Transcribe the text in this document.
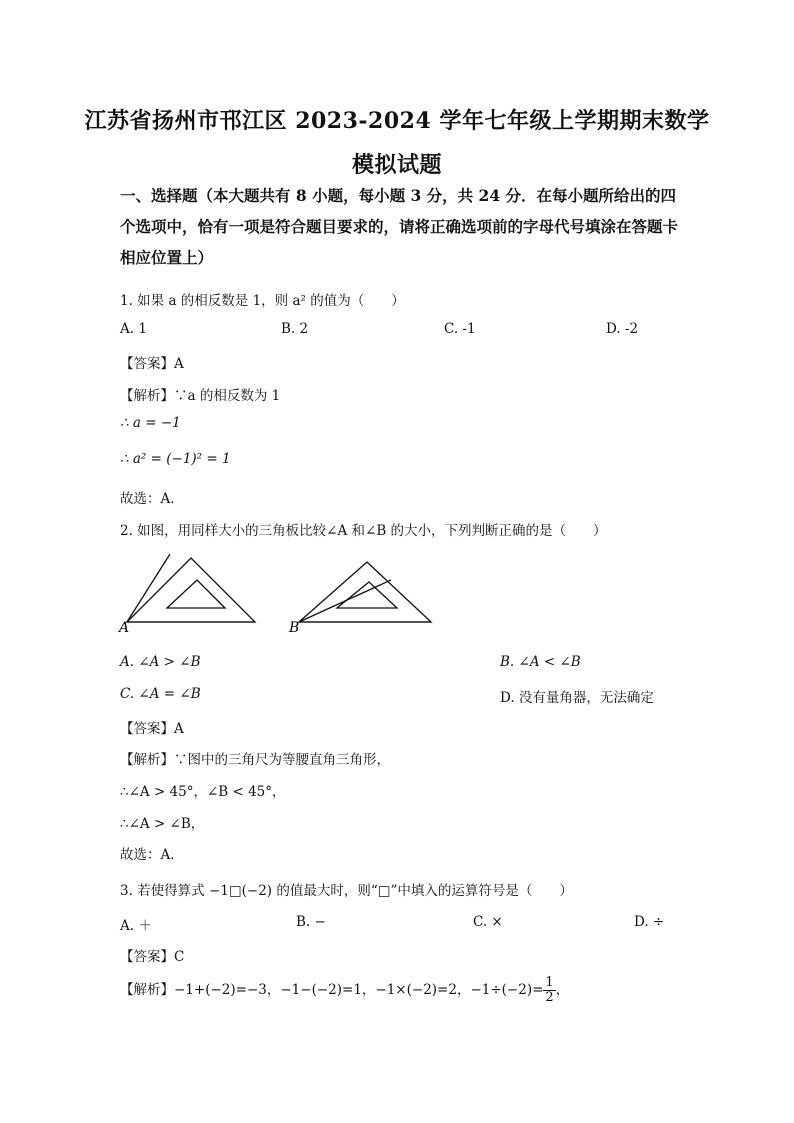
江苏省扬州市邗江区 2023-2024 学年七年级上学期期末数学
模拟试题
一、选择题（本大题共有 8 小题，每小题 3 分，共 24 分．在每小题所给出的四个选项中，恰有一项是符合题目要求的，请将正确选项前的字母代号填涂在答题卡相应位置上）
1. 如果 a 的相反数是 1，则 a² 的值为（　　）
A. 1	B. 2	C. -1	D. -2
【答案】A
【解析】∵a 的相反数为 1
∴ a = −1
∴ a² = (−1)² = 1
故选：A．
2. 如图，用同样大小的三角板比较∠A 和∠B 的大小，下列判断正确的是（　　）
A	B
A. ∠A > ∠B	B. ∠A < ∠B
C. ∠A = ∠B	D. 没有量角器，无法确定
【答案】A
【解析】∵图中的三角尺为等腰直角三角形，
∴∠A > 45°，∠B < 45°，
∴∠A > ∠B，
故选：A．
3. 若使得算式 −1□(−2) 的值最大时，则“□”中填入的运算符号是（　　）
A. ＋	B. −	C. ×	D. ÷
【答案】C
【解析】−1+(−2)=−3，−1−(−2)=1，−1×(−2)=2，$-1\div(-2)= \frac{1}{2}$ ，
